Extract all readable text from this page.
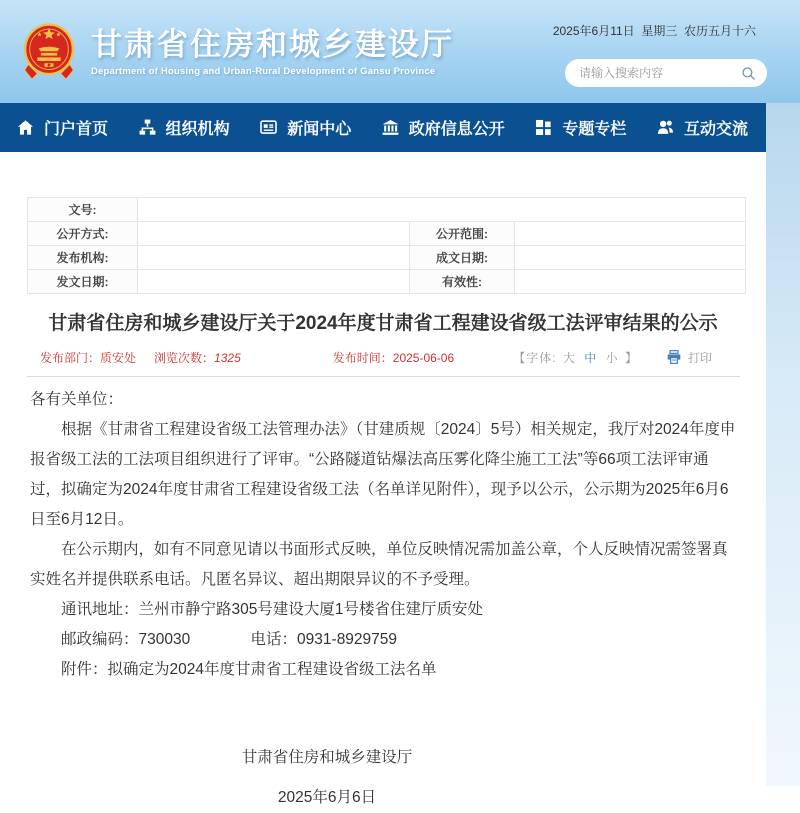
2025年6月11日  星期三  农历五月十六

甘肃省住房和城乡建设厅
Department of Housing and Urban-Rural Development of Gansu Province
请输入搜索内容
门户首页	组织机构	新闻中心	政府信息公开	专题专栏	互动交流
文号:			
公开方式:		公开范围:	
发布机构:		成文日期:	
发文日期:		有效性:	
甘肃省住房和城乡建设厅关于2024年度甘肃省工程建设省级工法评审结果的公示
发布部门：质安处 浏览次数：1325	发布时间：2025-06-06	【字体: 大 中 小 】	打印

各有关单位：

根据《甘肃省工程建设省级工法管理办法》（甘建质规〔2024〕5号）相关规定，我厅对2024年度申报省级工法的工法项目组织进行了评审。“公路隧道钻爆法高压雾化降尘施工工法”等66项工法评审通过，拟确定为2024年度甘肃省工程建设省级工法（名单详见附件），现予以公示，公示期为2025年6月6日至6月12日。

在公示期内，如有不同意见请以书面形式反映，单位反映情况需加盖公章，个人反映情况需签署真实姓名并提供联系电话。凡匿名异议、超出期限异议的不予受理。

通讯地址：兰州市静宁路305号建设大厦1号楼省住建厅质安处

邮政编码：730030	电话：0931-8929759

附件：拟确定为2024年度甘肃省工程建设省级工法名单

甘肃省住房和城乡建设厅

2025年6月6日
